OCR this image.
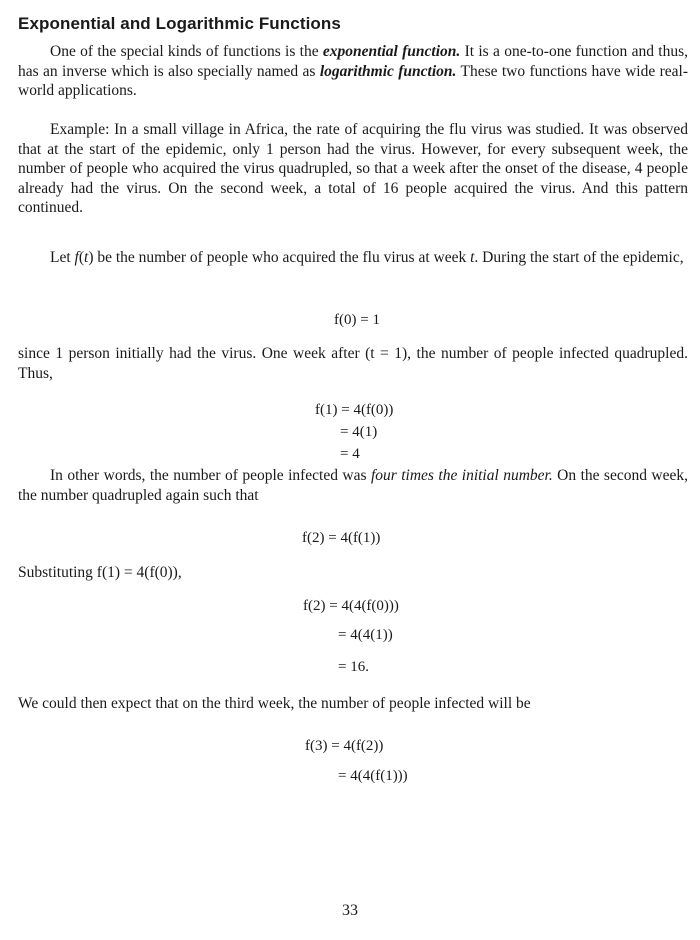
Exponential and Logarithmic Functions
One of the special kinds of functions is the exponential function. It is a one-to-one function and thus, has an inverse which is also specially named as logarithmic function. These two functions have wide real-world applications.
Example: In a small village in Africa, the rate of acquiring the flu virus was studied. It was observed that at the start of the epidemic, only 1 person had the virus. However, for every subsequent week, the number of people who acquired the virus quadrupled, so that a week after the onset of the disease, 4 people already had the virus. On the second week, a total of 16 people acquired the virus. And this pattern continued.
Let f(t) be the number of people who acquired the flu virus at week t. During the start of the epidemic,
f(0) = 1
since 1 person initially had the virus. One week after (t = 1), the number of people infected quadrupled. Thus,
f(1) = 4(f(0))
= 4(1)
= 4
In other words, the number of people infected was four times the initial number. On the second week, the number quadrupled again such that
f(2) = 4(f(1))
Substituting f(1) = 4(f(0)),
f(2) = 4(4(f(0)))
= 4(4(1))
= 16.
We could then expect that on the third week, the number of people infected will be
f(3) = 4(f(2))
= 4(4(f(1)))
33
